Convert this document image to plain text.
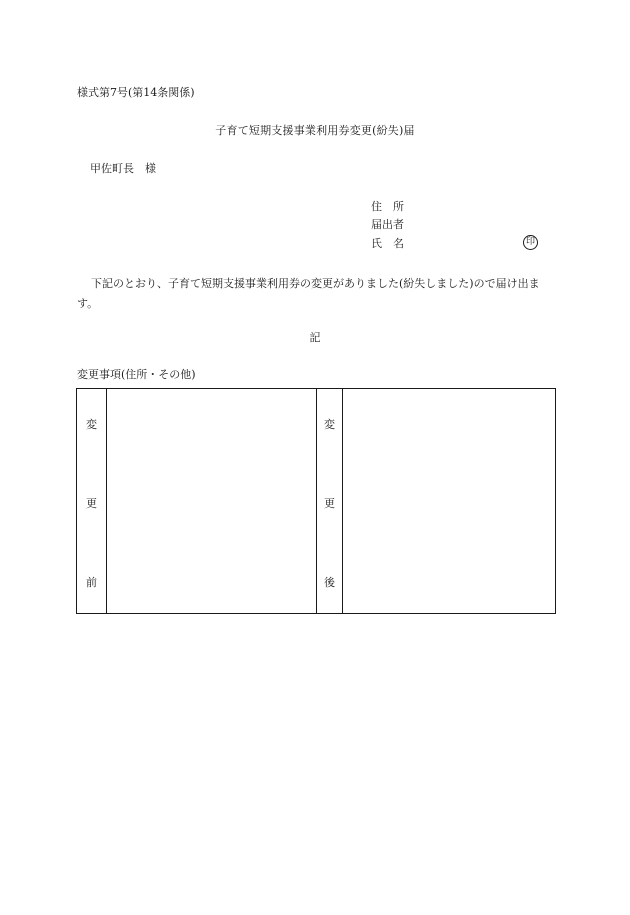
様式第7号(第14条関係)
子育て短期支援事業利用券変更(紛失)届
甲佐町長　様
住　所
届出者
氏　名	印
下記のとおり、子育て短期支援事業利用券の変更がありました(紛失しました)ので届け出ます。
記
変更事項(住所・その他)
変
更
前
変
更
後
